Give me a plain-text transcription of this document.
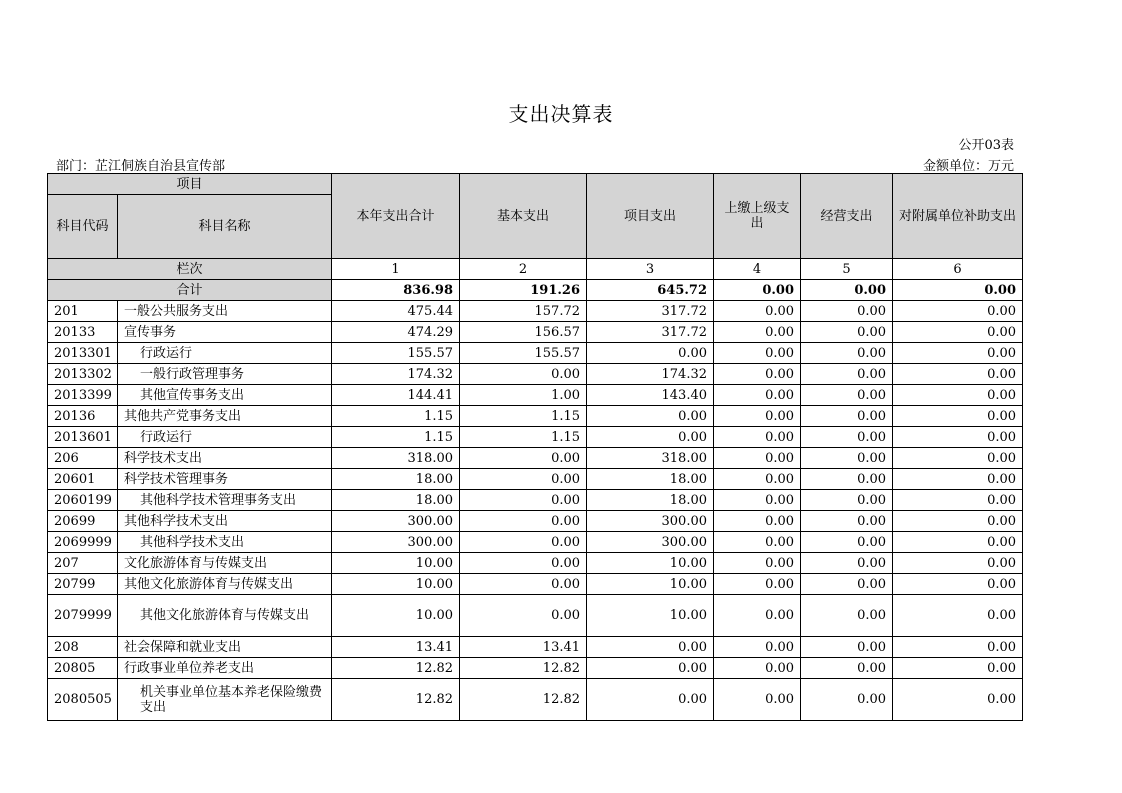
支出决算表
公开03表
部门：芷江侗族自治县宣传部	金额单位：万元
项目		本年支出合计	基本支出	项目支出	上缴上级支出	经营支出	对附属单位补助支出
科目代码	科目名称						
栏次		1	2	3	4	5	6
合计		836.98	191.26	645.72	0.00	0.00	0.00
201	一般公共服务支出	475.44	157.72	317.72	0.00	0.00	0.00
20133	宣传事务	474.29	156.57	317.72	0.00	0.00	0.00
2013301	行政运行	155.57	155.57	0.00	0.00	0.00	0.00
2013302	一般行政管理事务	174.32	0.00	174.32	0.00	0.00	0.00
2013399	其他宣传事务支出	144.41	1.00	143.40	0.00	0.00	0.00
20136	其他共产党事务支出	1.15	1.15	0.00	0.00	0.00	0.00
2013601	行政运行	1.15	1.15	0.00	0.00	0.00	0.00
206	科学技术支出	318.00	0.00	318.00	0.00	0.00	0.00
20601	科学技术管理事务	18.00	0.00	18.00	0.00	0.00	0.00
2060199	其他科学技术管理事务支出	18.00	0.00	18.00	0.00	0.00	0.00
20699	其他科学技术支出	300.00	0.00	300.00	0.00	0.00	0.00
2069999	其他科学技术支出	300.00	0.00	300.00	0.00	0.00	0.00
207	文化旅游体育与传媒支出	10.00	0.00	10.00	0.00	0.00	0.00
20799	其他文化旅游体育与传媒支出	10.00	0.00	10.00	0.00	0.00	0.00
2079999	其他文化旅游体育与传媒支出	10.00	0.00	10.00	0.00	0.00	0.00
208	社会保障和就业支出	13.41	13.41	0.00	0.00	0.00	0.00
20805	行政事业单位养老支出	12.82	12.82	0.00	0.00	0.00	0.00
2080505	机关事业单位基本养老保险缴费支出	12.82	12.82	0.00	0.00	0.00	0.00
